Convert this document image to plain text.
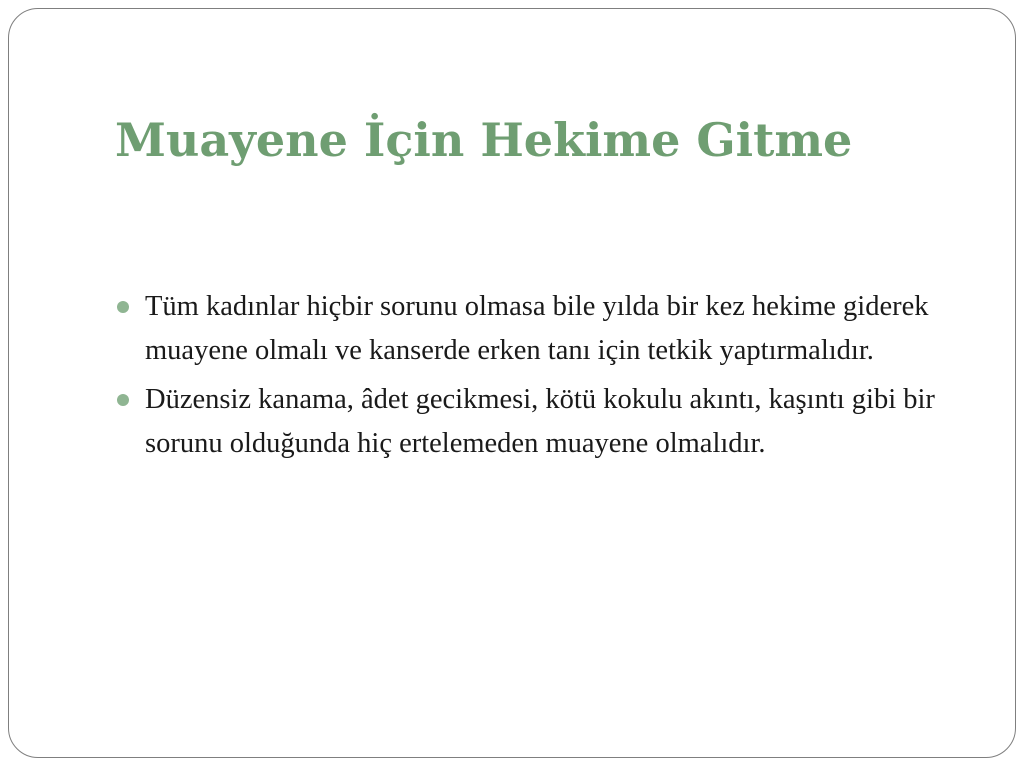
Muayene İçin Hekime Gitme
Tüm kadınlar hiçbir sorunu olmasa bile yılda bir kez hekime giderek muayene olmalı ve kanserde erken tanı için tetkik yaptırmalıdır.
Düzensiz kanama, âdet gecikmesi, kötü kokulu akıntı, kaşıntı gibi bir sorunu olduğunda hiç ertelemeden muayene olmalıdır.
